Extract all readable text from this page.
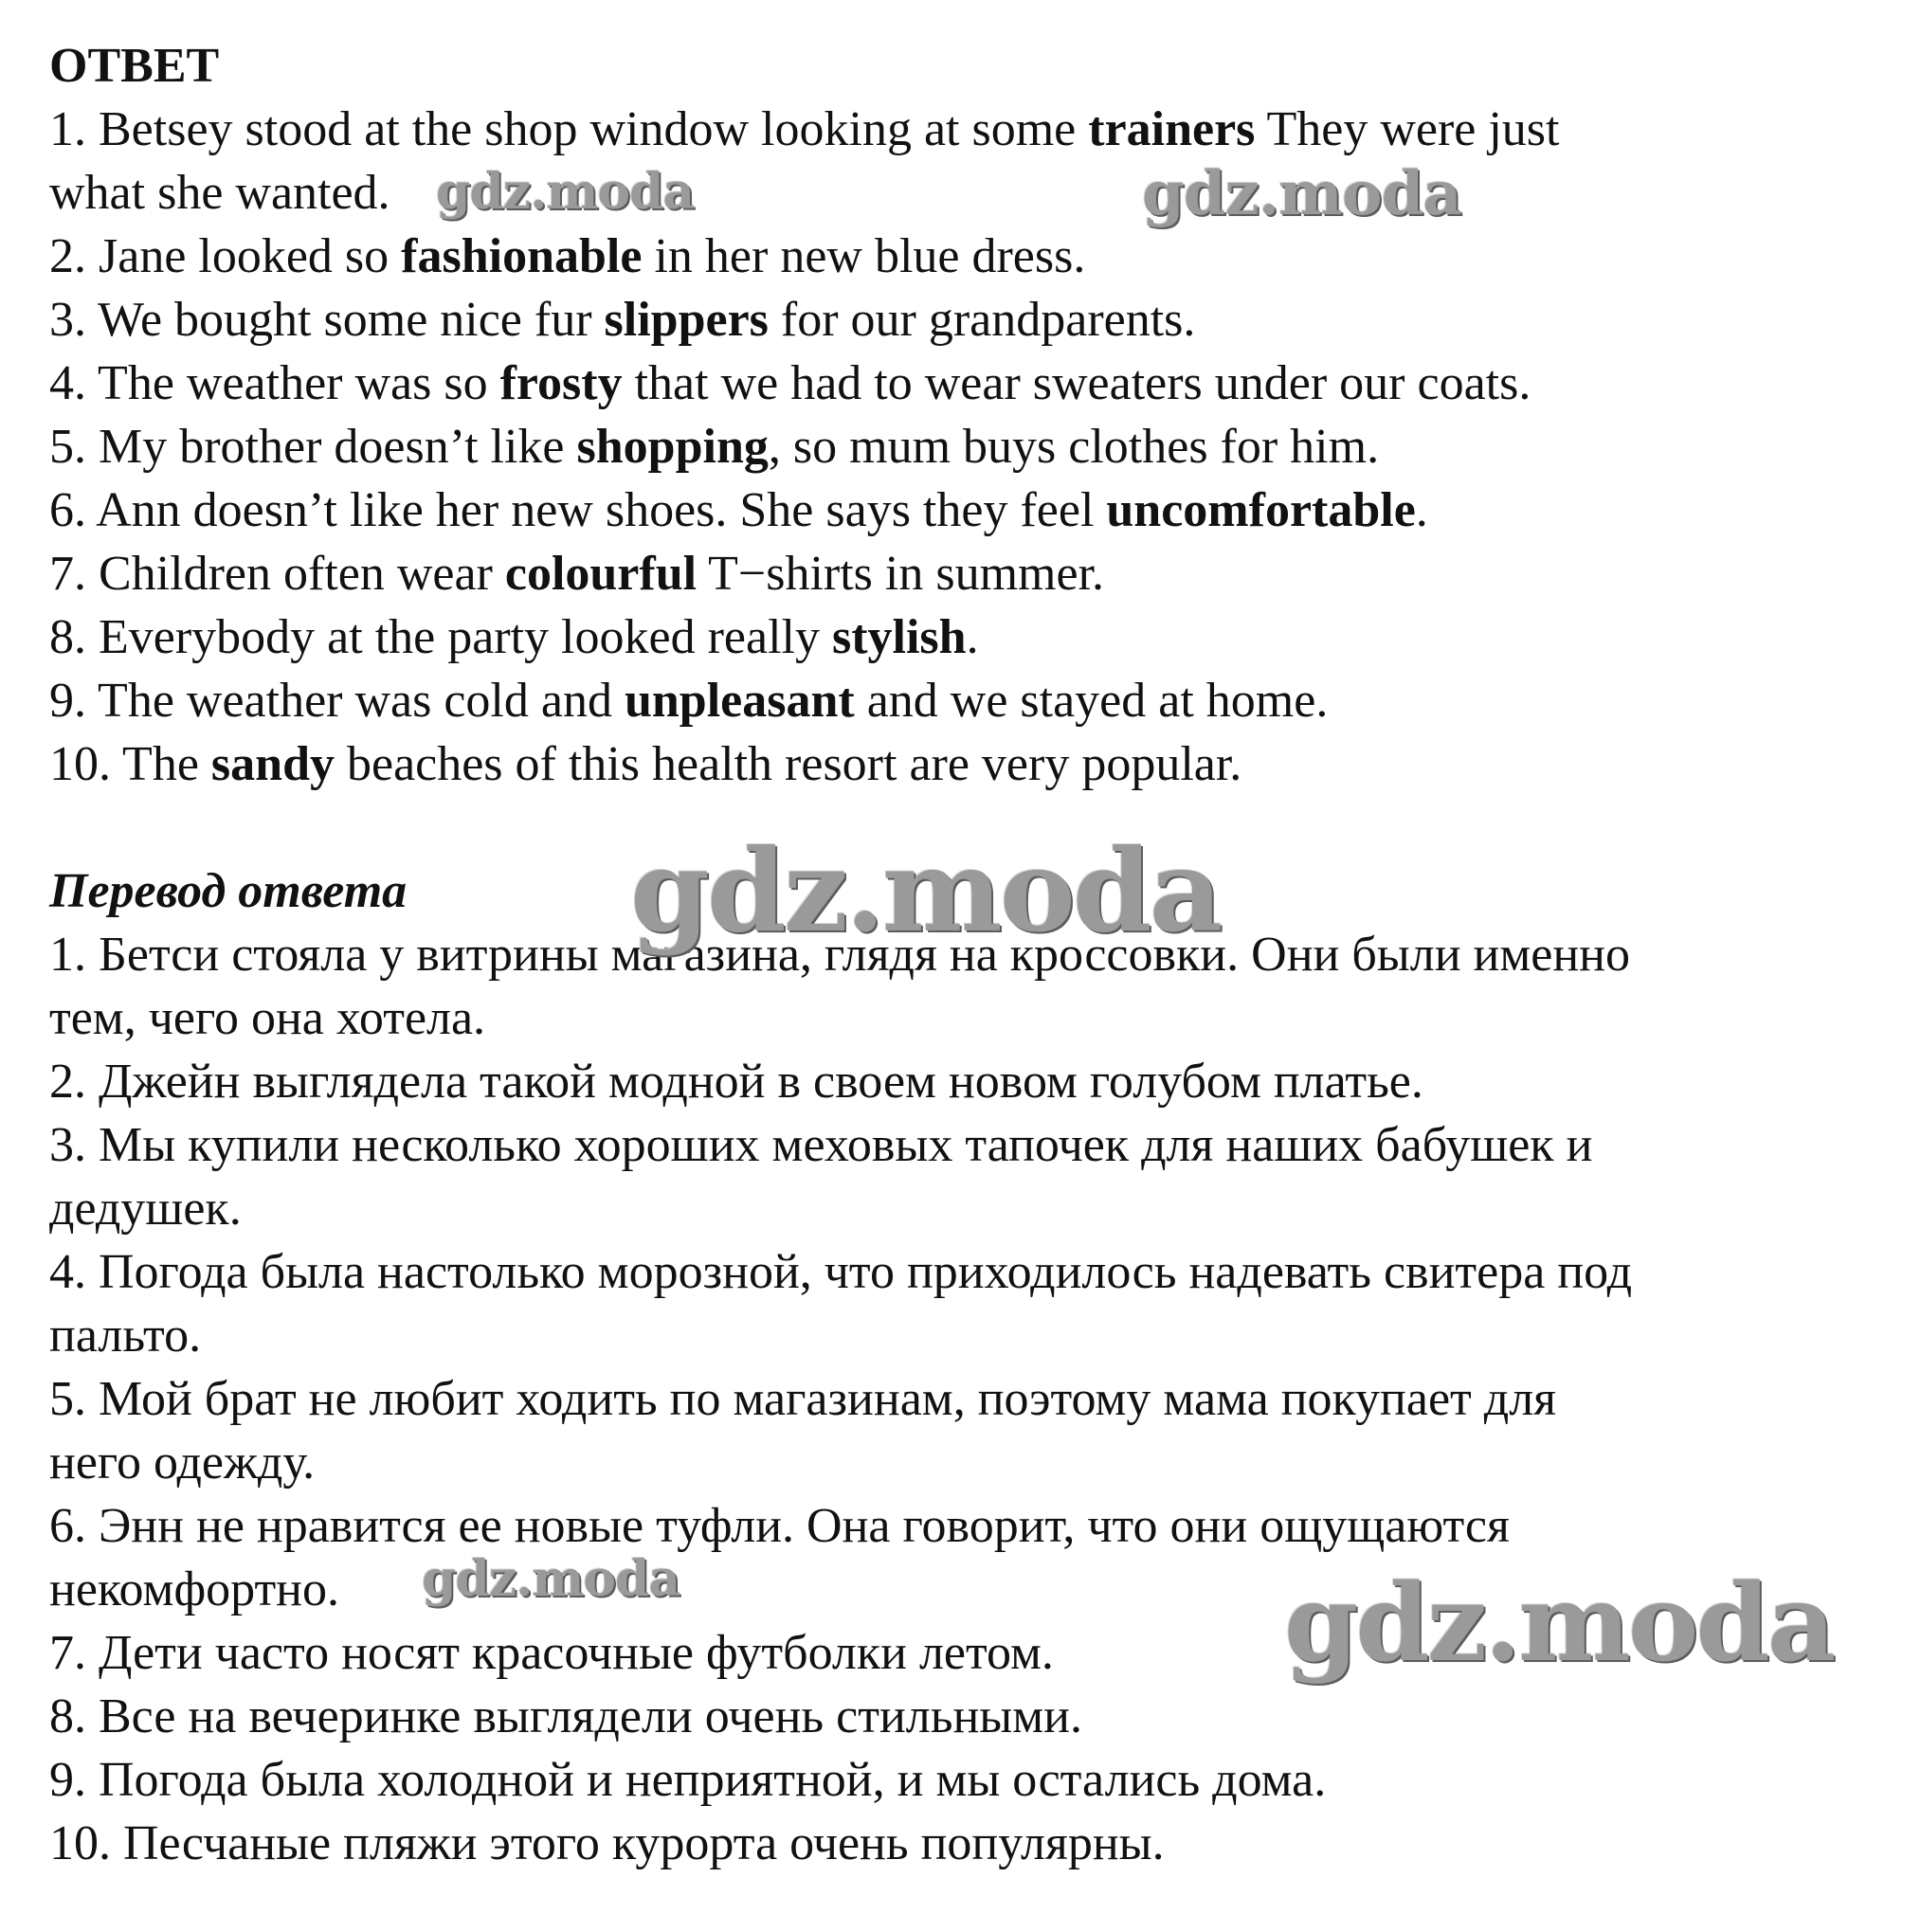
ОТВЕТ
1. Betsey stood at the shop window looking at some trainers They were just
what she wanted.
2. Jane looked so fashionable in her new blue dress.
3. We bought some nice fur slippers for our grandparents.
4. The weather was so frosty that we had to wear sweaters under our coats.
5. My brother doesn’t like shopping, so mum buys clothes for him.
6. Ann doesn’t like her new shoes. She says they feel uncomfortable.
7. Children often wear colourful T−shirts in summer.
8. Everybody at the party looked really stylish.
9. The weather was cold and unpleasant and we stayed at home.
10. The sandy beaches of this health resort are very popular.
Перевод ответа
1. Бетси стояла у витрины магазина, глядя на кроссовки. Они были именно
тем, чего она хотела.
2. Джейн выглядела такой модной в своем новом голубом платье.
3. Мы купили несколько хороших меховых тапочек для наших бабушек и
дедушек.
4. Погода была настолько морозной, что приходилось надевать свитера под
пальто.
5. Мой брат не любит ходить по магазинам, поэтому мама покупает для
него одежду.
6. Энн не нравится ее новые туфли. Она говорит, что они ощущаются
некомфортно.
7. Дети часто носят красочные футболки летом.
8. Все на вечеринке выглядели очень стильными.
9. Погода была холодной и неприятной, и мы остались дома.
10. Песчаные пляжи этого курорта очень популярны.
gdz.moda	gdz.moda
gdz.moda
gdz.moda	gdz.moda
